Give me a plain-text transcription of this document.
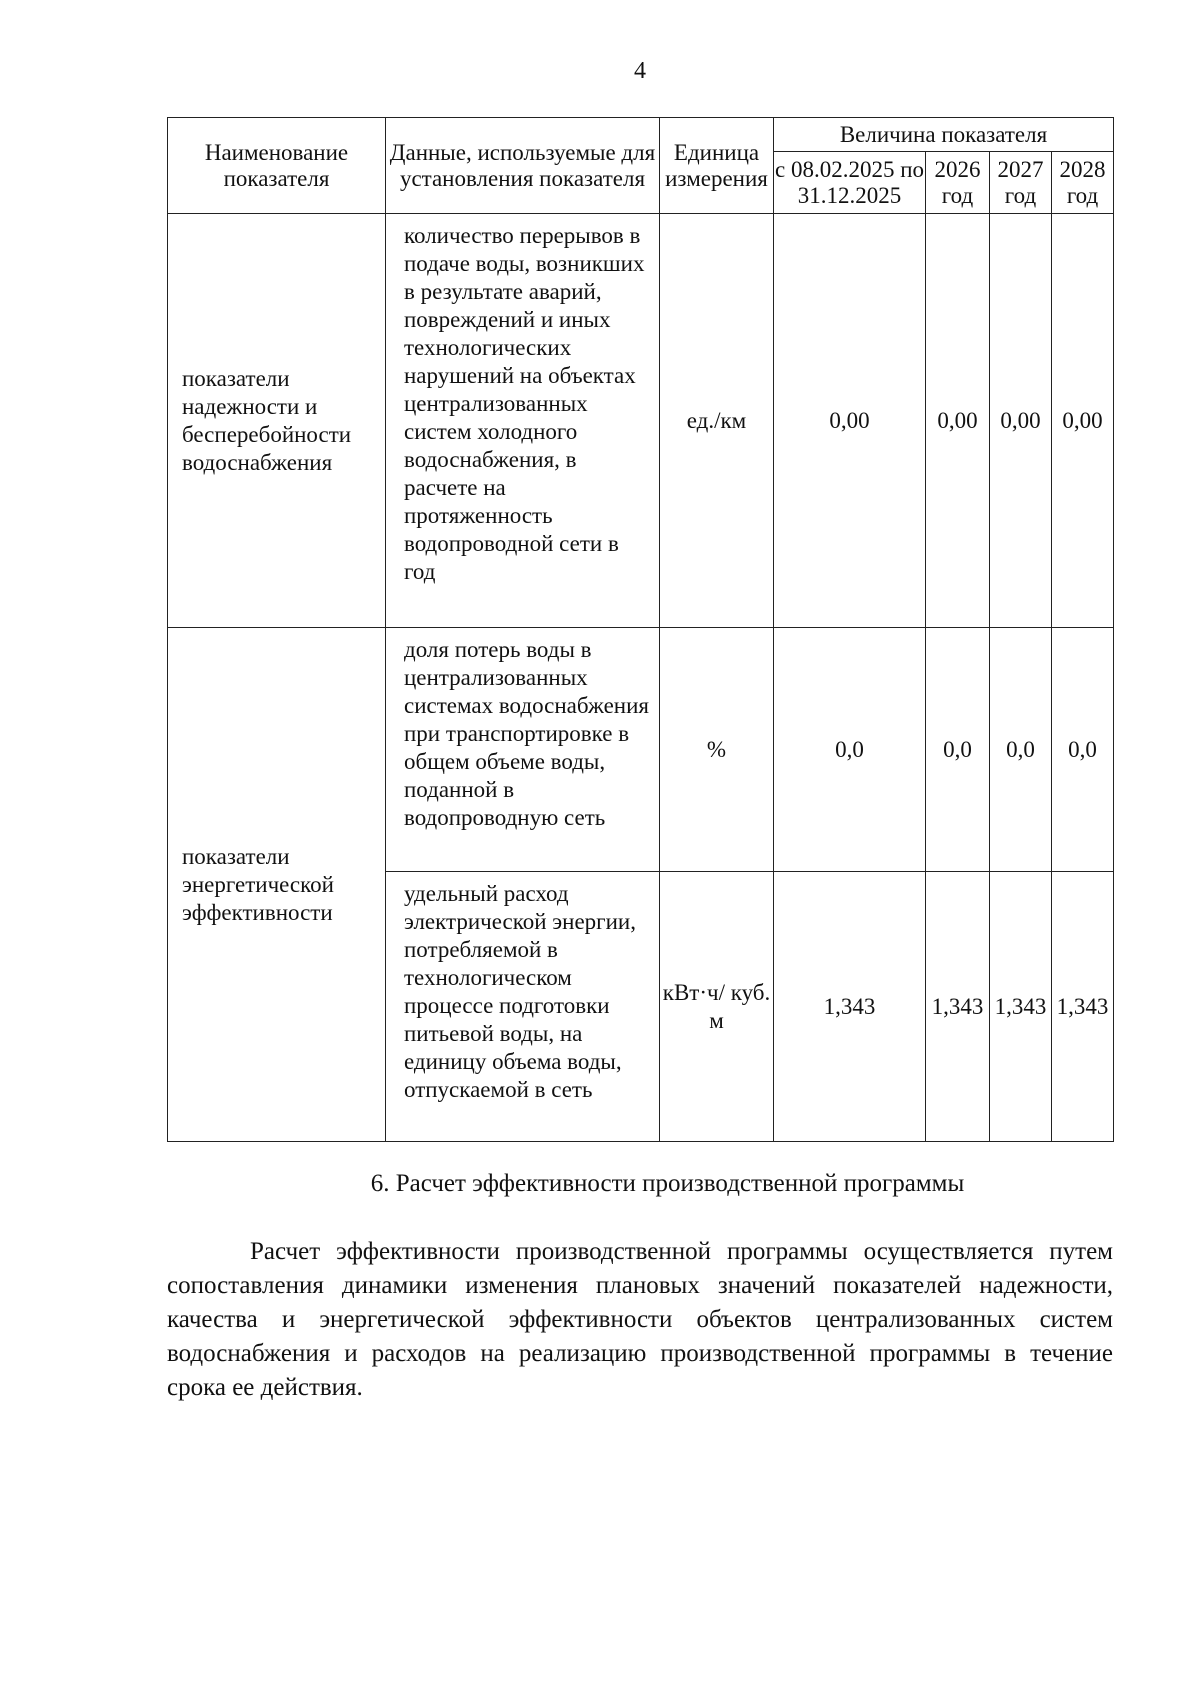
4
Наименование показателя	Данные, используемые для установления показателя	Единица измерения	Величина показателя			
			с 08.02.2025 по 31.12.2025	2026 год	2027 год	2028 год
показатели надежности и бесперебойности водоснабжения	количество перерывов в подаче воды, возникших в результате аварий, повреждений и иных технологических нарушений на объектах централизованных систем холодного водоснабжения, в расчете на протяженность водопроводной сети в год	ед./км	0,00	0,00	0,00	0,00
показатели энергетической эффективности	доля потерь воды в централизованных системах водоснабжения при транспортировке в общем объеме воды, поданной в водопроводную сеть	%	0,0	0,0	0,0	0,0
	удельный расход электрической энергии, потребляемой в технологическом процессе подготовки питьевой воды, на единицу объема воды, отпускаемой в сеть	кВт·ч/ куб. м	1,343	1,343	1,343	1,343
6. Расчет эффективности производственной программы
Расчет эффективности производственной программы осуществляется путем сопоставления динамики изменения плановых значений показателей надежности, качества и энергетической эффективности объектов централизованных систем водоснабжения и расходов на реализацию производственной программы в течение срока ее действия.
